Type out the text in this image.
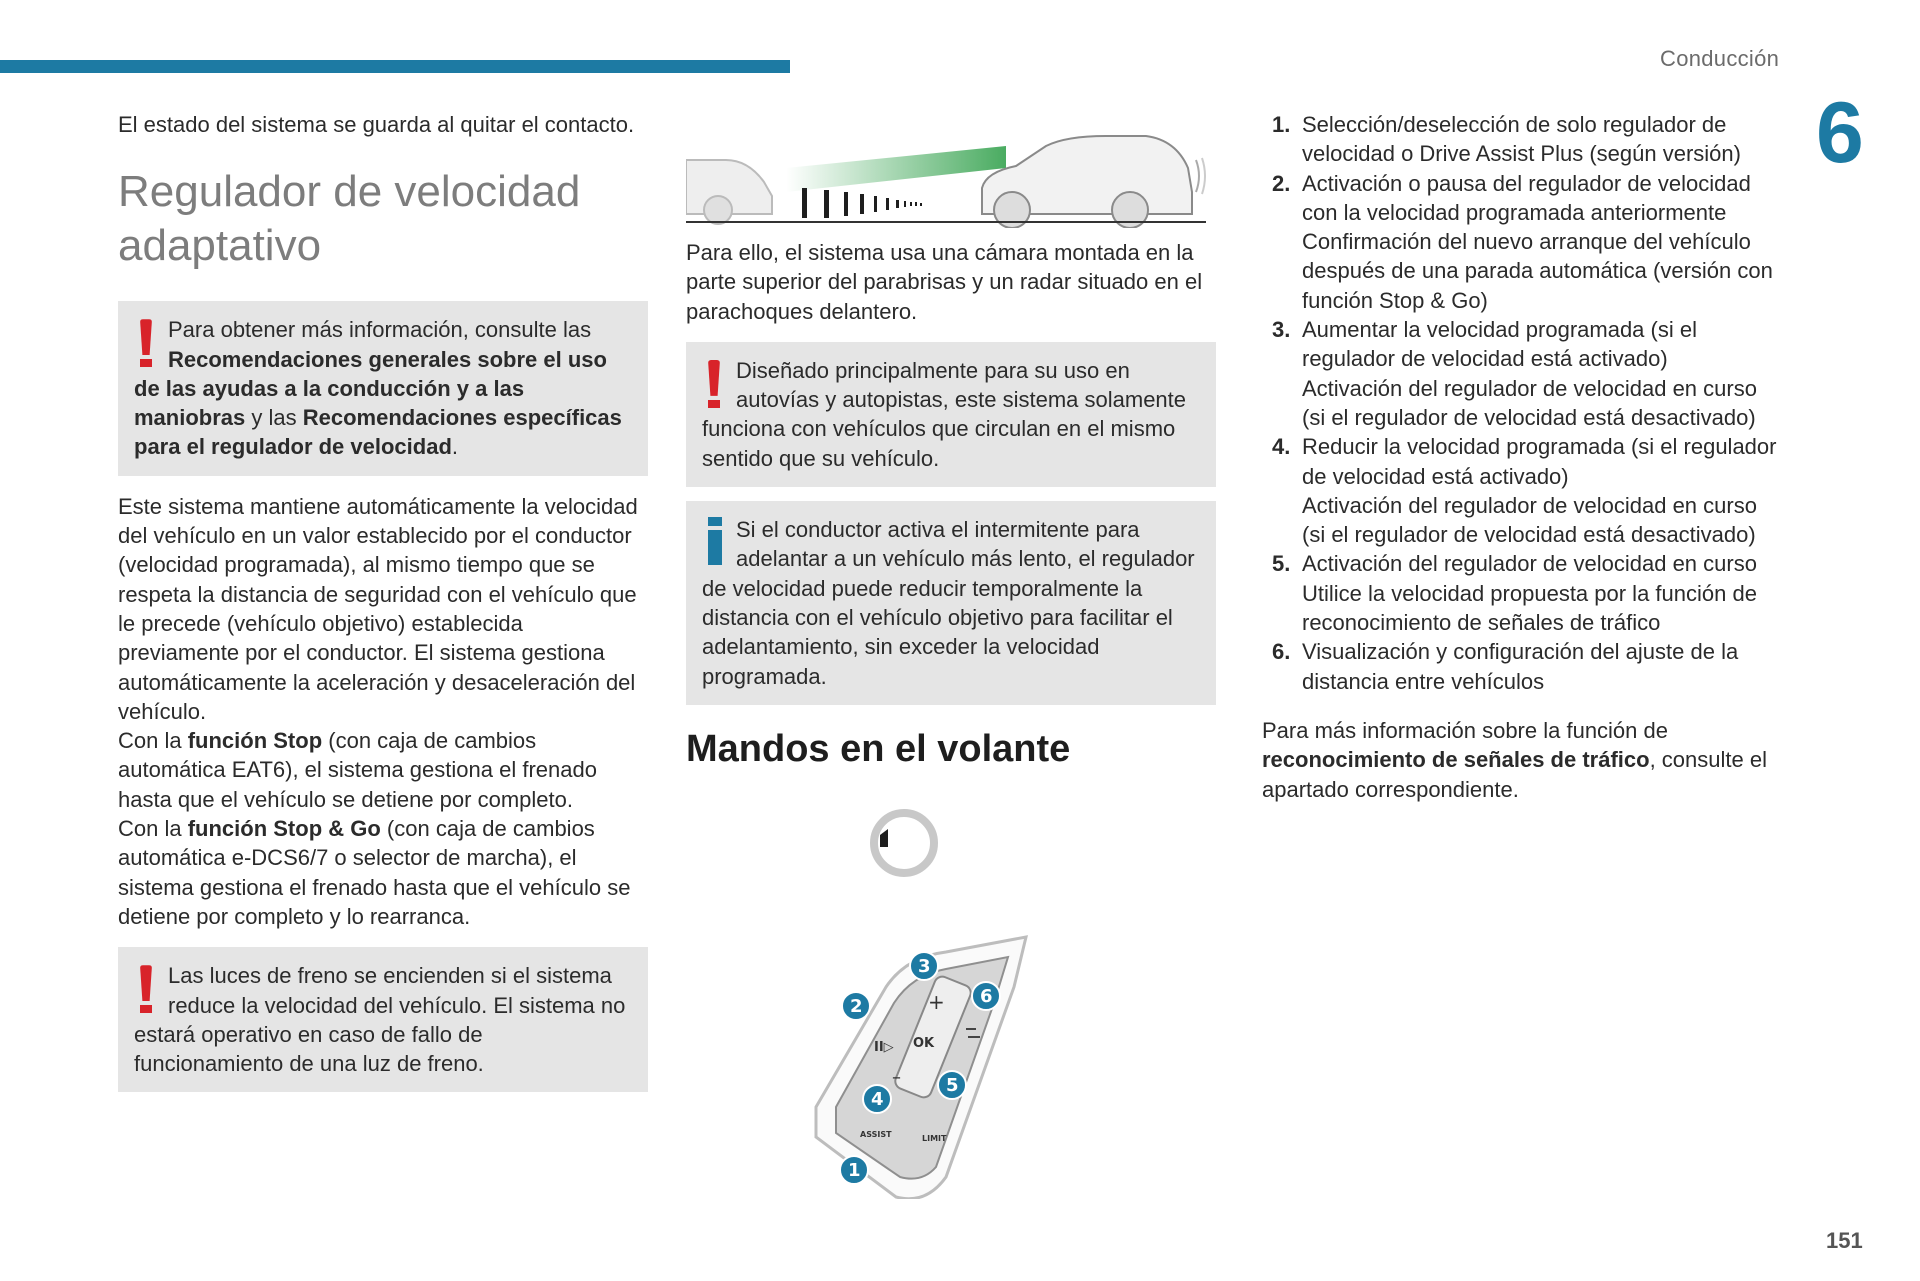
Conducción
6

El estado del sistema se guarda al quitar el contacto.

Regulador de velocidad adaptativo
Para obtener más información, consulte las Recomendaciones generales sobre el uso de las ayudas a la conducción y a las maniobras y las Recomendaciones específicas para el regulador de velocidad.

Este sistema mantiene automáticamente la velocidad del vehículo en un valor establecido por el conductor (velocidad programada), al mismo tiempo que se respeta la distancia de seguridad con el vehículo que le precede (vehículo objetivo) establecida previamente por el conductor. El sistema gestiona automáticamente la aceleración y desaceleración del vehículo.

Con la función Stop (con caja de cambios automática EAT6), el sistema gestiona el frenado hasta que el vehículo se detiene por completo.

Con la función Stop & Go (con caja de cambios automática e-DCS6/7 o selector de marcha), el sistema gestiona el frenado hasta que el vehículo se detiene por completo y lo rearranca.

Las luces de freno se encienden si el sistema reduce la velocidad del vehículo. El sistema no estará operativo en caso de fallo de funcionamiento de una luz de freno.

Para ello, el sistema usa una cámara montada en la parte superior del parabrisas y un radar situado en el parachoques delantero.

Diseñado principalmente para su uso en autovías y autopistas, este sistema solamente funciona con vehículos que circulan en el mismo sentido que su vehículo.
Si el conductor activa el intermitente para adelantar a un vehículo más lento, el regulador de velocidad puede reducir temporalmente la distancia con el vehículo objetivo para facilitar el adelantamiento, sin exceder la velocidad programada.
Mandos en el volante
+
OK
–
II▷
ASSIST	LIMIT
1
2
3
4
5
6
1. Selección/deselección de solo regulador de velocidad o Drive Assist Plus (según versión)
2. Activación o pausa del regulador de velocidad con la velocidad programada anteriormente
Confirmación del nuevo arranque del vehículo después de una parada automática (versión con función Stop & Go)
3. Aumentar la velocidad programada (si el regulador de velocidad está activado)
Activación del regulador de velocidad en curso (si el regulador de velocidad está desactivado)
4. Reducir la velocidad programada (si el regulador de velocidad está activado)
Activación del regulador de velocidad en curso (si el regulador de velocidad está desactivado)
5. Activación del regulador de velocidad en curso
Utilice la velocidad propuesta por la función de reconocimiento de señales de tráfico
6. Visualización y configuración del ajuste de la distancia entre vehículos

Para más información sobre la función de reconocimiento de señales de tráfico, consulte el apartado correspondiente.

151
